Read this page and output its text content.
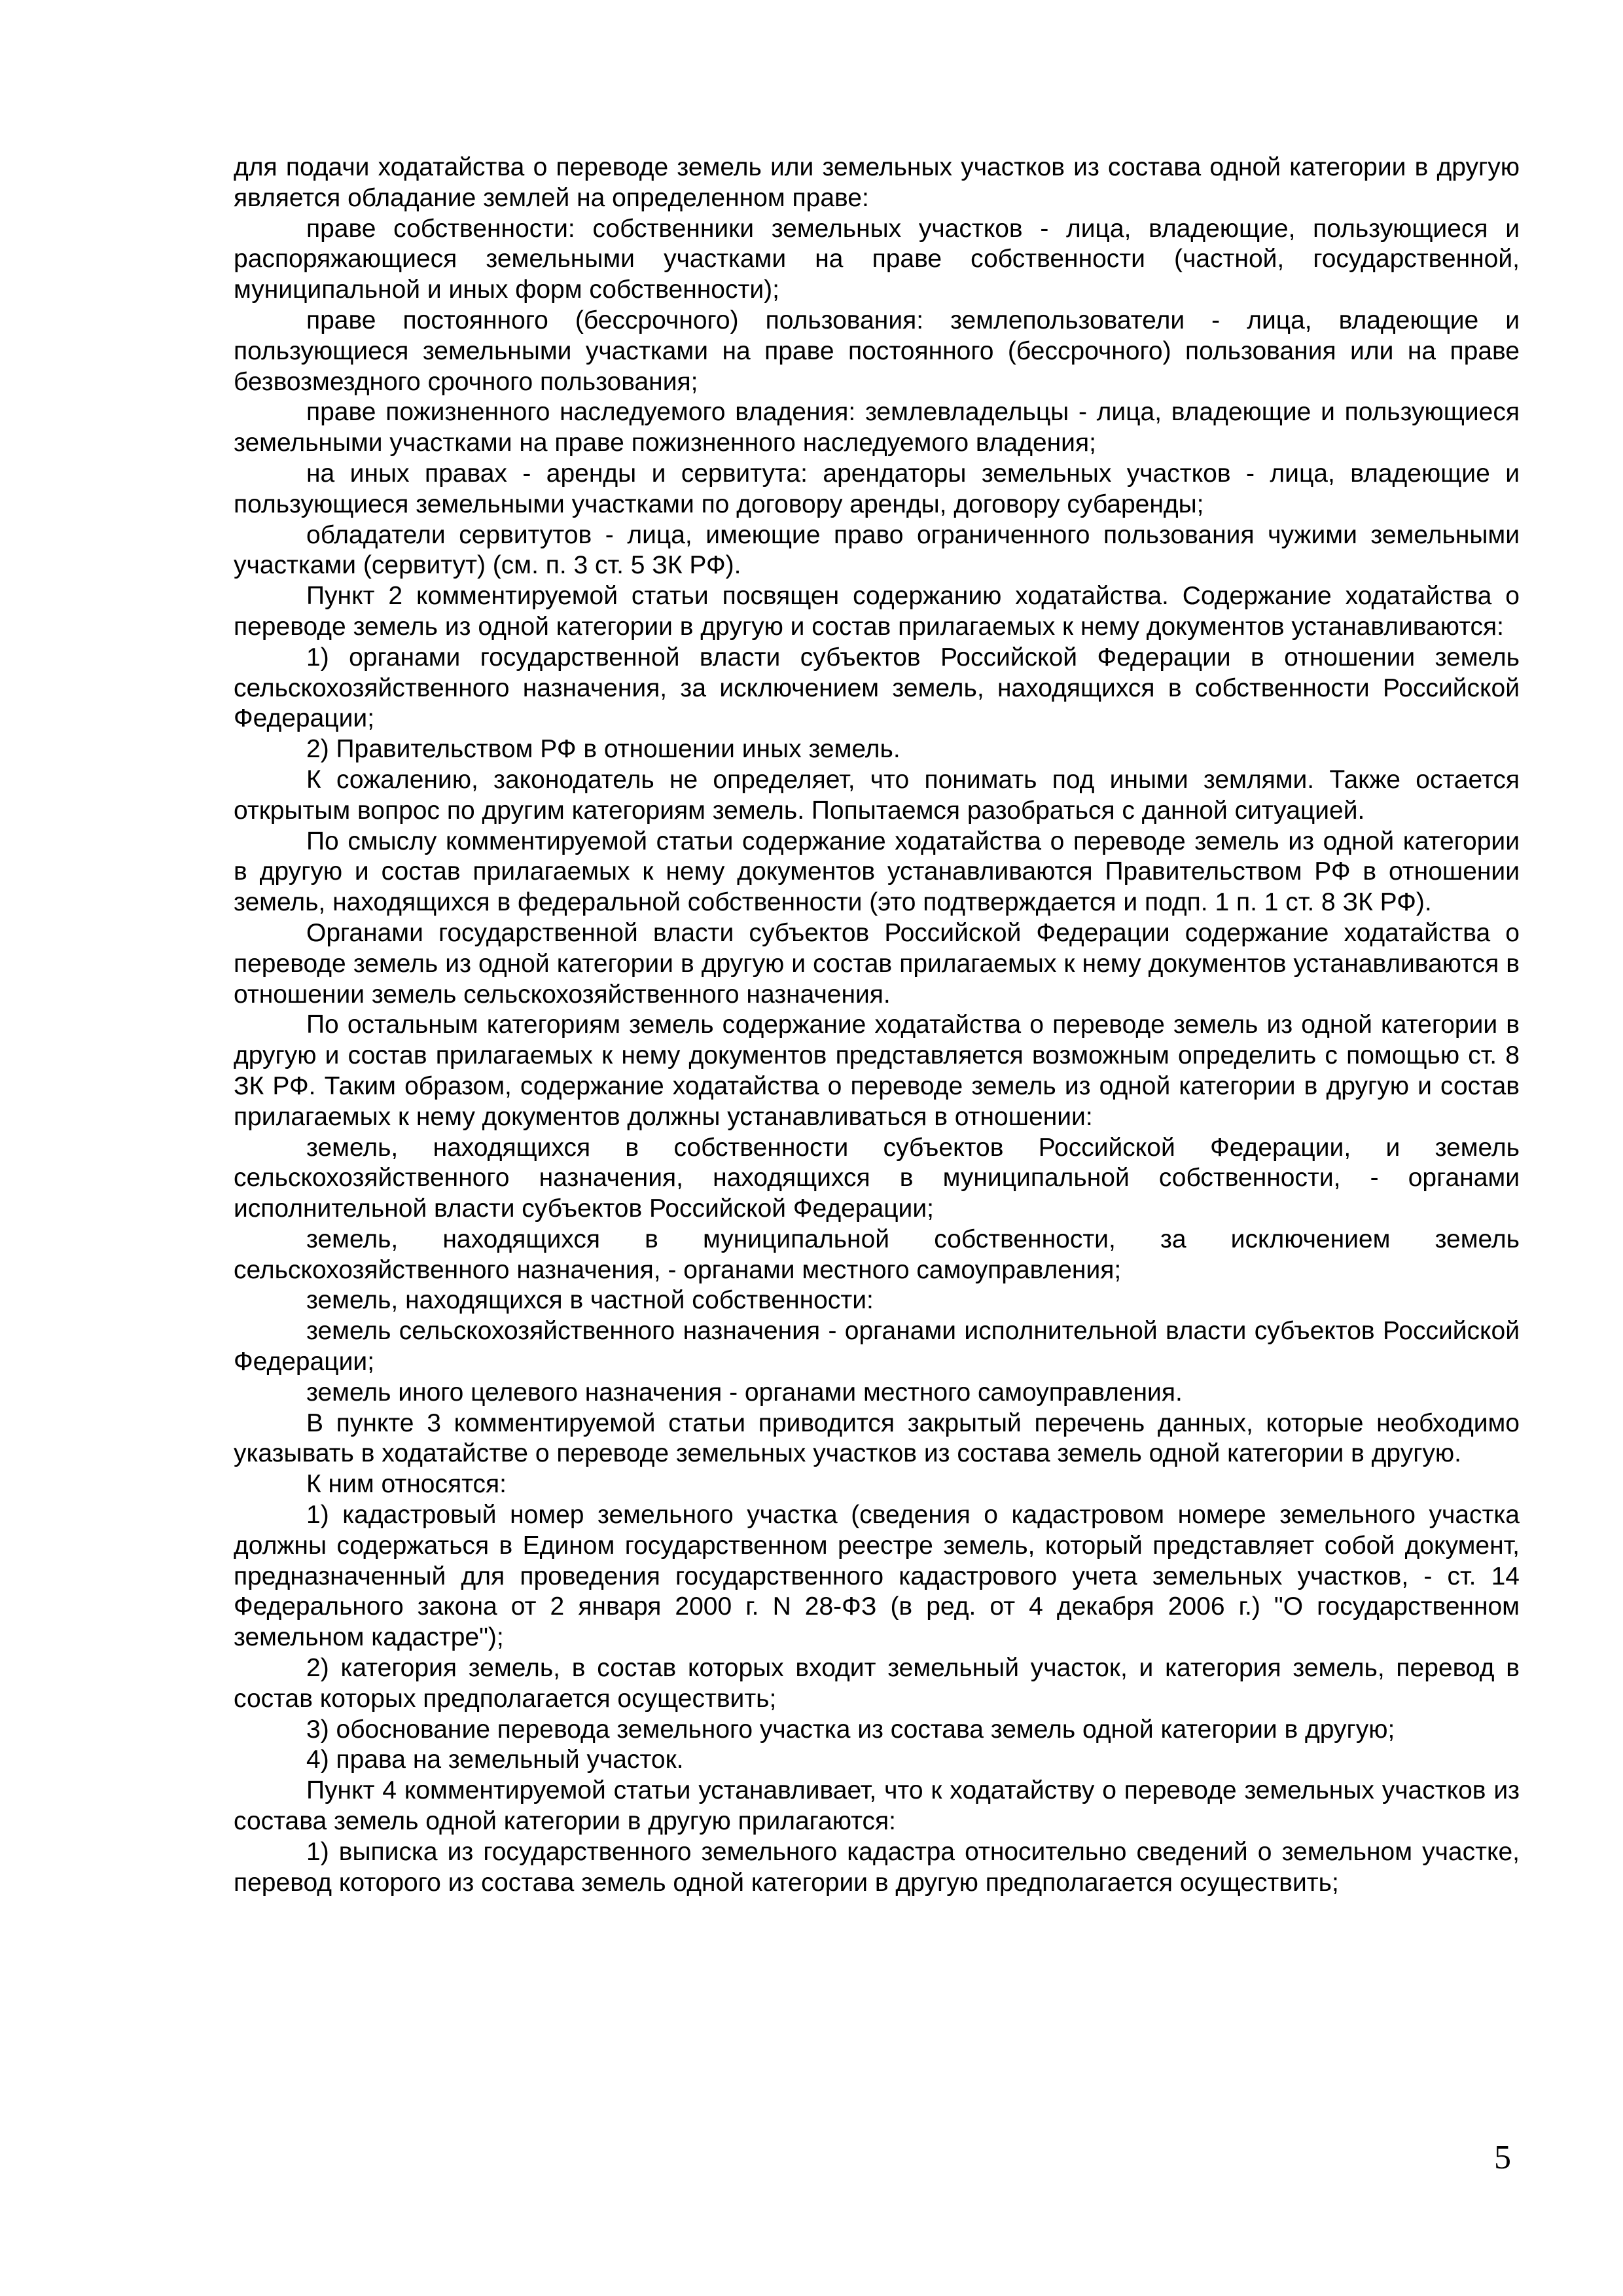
для подачи ходатайства о переводе земель или земельных участков из состава одной категории в другую является обладание землей на определенном праве:

праве собственности: собственники земельных участков - лица, владеющие, пользующиеся и распоряжающиеся земельными участками на праве собственности (частной, государственной, муниципальной и иных форм собственности);

праве постоянного (бессрочного) пользования: землепользователи - лица, владеющие и пользующиеся земельными участками на праве постоянного (бессрочного) пользования или на праве безвозмездного срочного пользования;

праве пожизненного наследуемого владения: землевладельцы - лица, владеющие и пользующиеся земельными участками на праве пожизненного наследуемого владения;

на иных правах - аренды и сервитута: арендаторы земельных участков - лица, владеющие и пользующиеся земельными участками по договору аренды, договору субаренды;

обладатели сервитутов - лица, имеющие право ограниченного пользования чужими земельными участками (сервитут) (см. п. 3 ст. 5 ЗК РФ).

Пункт 2 комментируемой статьи посвящен содержанию ходатайства. Содержание ходатайства о переводе земель из одной категории в другую и состав прилагаемых к нему документов устанавливаются:

1) органами государственной власти субъектов Российской Федерации в отношении земель сельскохозяйственного назначения, за исключением земель, находящихся в собственности Российской Федерации;

2) Правительством РФ в отношении иных земель.

К сожалению, законодатель не определяет, что понимать под иными землями. Также остается открытым вопрос по другим категориям земель. Попытаемся разобраться с данной ситуацией.

По смыслу комментируемой статьи содержание ходатайства о переводе земель из одной категории в другую и состав прилагаемых к нему документов устанавливаются Правительством РФ в отношении земель, находящихся в федеральной собственности (это подтверждается и подп. 1 п. 1 ст. 8 ЗК РФ).

Органами государственной власти субъектов Российской Федерации содержание ходатайства о переводе земель из одной категории в другую и состав прилагаемых к нему документов устанавливаются в отношении земель сельскохозяйственного назначения.

По остальным категориям земель содержание ходатайства о переводе земель из одной категории в другую и состав прилагаемых к нему документов представляется возможным определить с помощью ст. 8 ЗК РФ. Таким образом, содержание ходатайства о переводе земель из одной категории в другую и состав прилагаемых к нему документов должны устанавливаться в отношении:

земель, находящихся в собственности субъектов Российской Федерации, и земель сельскохозяйственного назначения, находящихся в муниципальной собственности, - органами исполнительной власти субъектов Российской Федерации;

земель, находящихся в муниципальной собственности, за исключением земель сельскохозяйственного назначения, - органами местного самоуправления;

земель, находящихся в частной собственности:

земель сельскохозяйственного назначения - органами исполнительной власти субъектов Российской Федерации;

земель иного целевого назначения - органами местного самоуправления.

В пункте 3 комментируемой статьи приводится закрытый перечень данных, которые необходимо указывать в ходатайстве о переводе земельных участков из состава земель одной категории в другую.

К ним относятся:

1) кадастровый номер земельного участка (сведения о кадастровом номере земельного участка должны содержаться в Едином государственном реестре земель, который представляет собой документ, предназначенный для проведения государственного кадастрового учета земельных участков, - ст. 14 Федерального закона от 2 января 2000 г. N 28-ФЗ (в ред. от 4 декабря 2006 г.) "О государственном земельном кадастре");

2) категория земель, в состав которых входит земельный участок, и категория земель, перевод в состав которых предполагается осуществить;

3) обоснование перевода земельного участка из состава земель одной категории в другую;

4) права на земельный участок.

Пункт 4 комментируемой статьи устанавливает, что к ходатайству о переводе земельных участков из состава земель одной категории в другую прилагаются:

1) выписка из государственного земельного кадастра относительно сведений о земельном участке, перевод которого из состава земель одной категории в другую предполагается осуществить;

5
